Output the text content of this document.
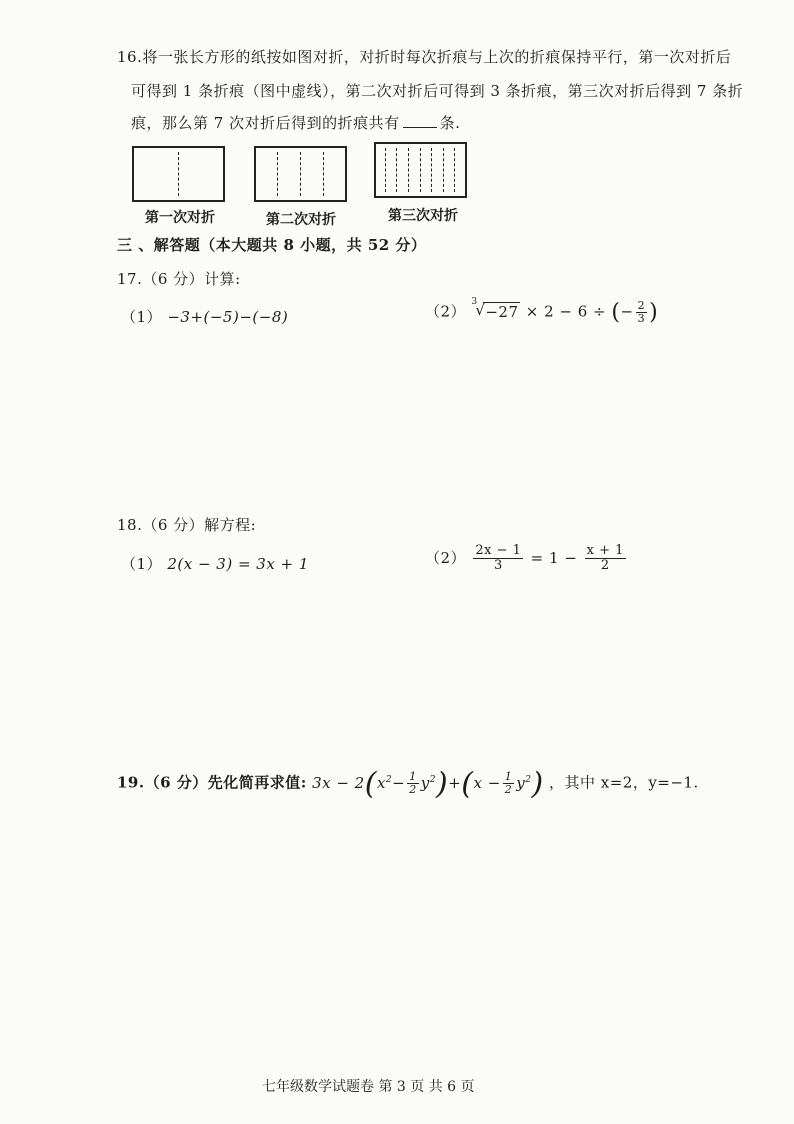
16.将一张长方形的纸按如图对折，对折时每次折痕与上次的折痕保持平行，第一次对折后
可得到 1 条折痕（图中虚线），第二次对折后可得到 3 条折痕，第三次对折后得到 7 条折
痕，那么第 7 次对折后得到的折痕共有	条.
第一次对折	第二次对折	第三次对折
三 、解答题（本大题共 8 小题，共 52 分）
17.（6 分）计算:
（1） −3+(−5)−(−8)	（2）
3
√ −27 × 2 − 6 ÷ (− $\frac{2}{3}$ )
18.（6 分）解方程:
（1） 2(x − 3) = 3x + 1	$(2) \frac{2x - 1}{3} = 1 - \frac{x + 1}{2}$
19.（6 分）先化简再求值: $3x - 2(x^2- \frac{1}{2} y^2)+(x - \frac{1}{2} y^2)$ ，其中 x=2，y=−1.
七年级数学试题卷 第 3 页 共 6 页
